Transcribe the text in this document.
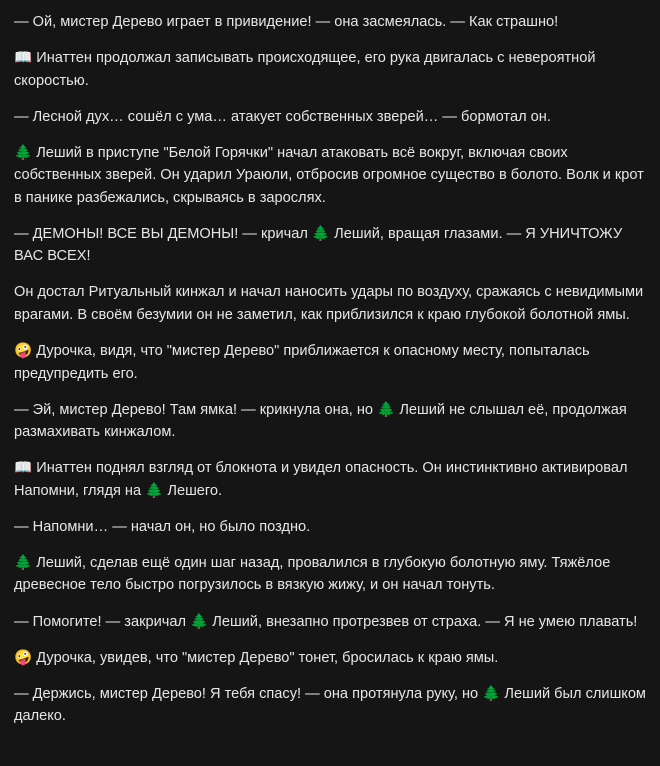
— Ой, мистер Дерево играет в привидение! — она засмеялась. — Как страшно!

📖 Инаттен продолжал записывать происходящее, его рука двигалась с невероятной скоростью.

— Лесной дух… сошёл с ума… атакует собственных зверей… — бормотал он.

🌲 Леший в приступе "Белой Горячки" начал атаковать всё вокруг, включая своих собственных зверей. Он ударил Ураюли, отбросив огромное существо в болото. Волк и крот в панике разбежались, скрываясь в зарослях.

— ДЕМОНЫ! ВСЕ ВЫ ДЕМОНЫ! — кричал 🌲 Леший, вращая глазами. — Я УНИЧТОЖУ ВАС ВСЕХ!

Он достал Ритуальный кинжал и начал наносить удары по воздуху, сражаясь с невидимыми врагами. В своём безумии он не заметил, как приблизился к краю глубокой болотной ямы.

🤪 Дурочка, видя, что "мистер Дерево" приближается к опасному месту, попыталась предупредить его.

— Эй, мистер Дерево! Там ямка! — крикнула она, но 🌲 Леший не слышал её, продолжая размахивать кинжалом.

📖 Инаттен поднял взгляд от блокнота и увидел опасность. Он инстинктивно активировал Напомни, глядя на 🌲 Лешего.

— Напомни… — начал он, но было поздно.

🌲 Леший, сделав ещё один шаг назад, провалился в глубокую болотную яму. Тяжёлое древесное тело быстро погрузилось в вязкую жижу, и он начал тонуть.

— Помогите! — закричал 🌲 Леший, внезапно протрезвев от страха. — Я не умею плавать!

🤪 Дурочка, увидев, что "мистер Дерево" тонет, бросилась к краю ямы.

— Держись, мистер Дерево! Я тебя спасу! — она протянула руку, но 🌲 Леший был слишком далеко.
